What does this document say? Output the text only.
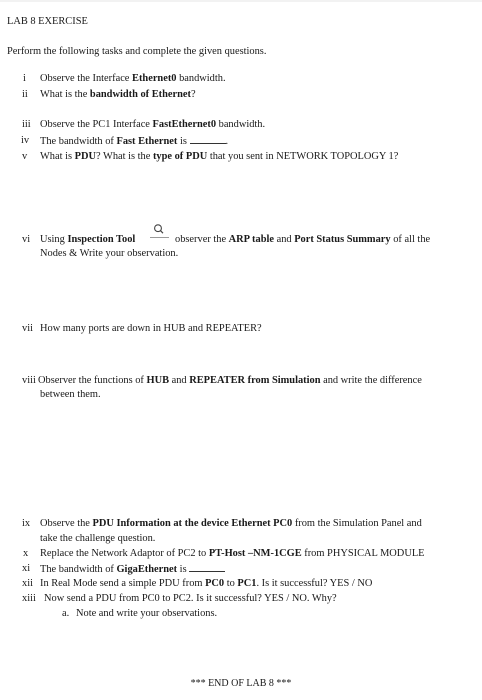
LAB 8 EXERCISE
Perform the following tasks and complete the given questions.
i Observe the Interface Ethernet0 bandwidth.
ii What is the bandwidth of Ethernet?
iii Observe the PC1 Interface FastEthernet0 bandwidth.
iv The bandwidth of Fast Ethernet is	.
v What is PDU? What is the type of PDU that you sent in NETWORK TOPOLOGY 1?
vi Using Inspection Tool	observer the ARP table and Port Status Summary of all the
Nodes & Write your observation.
vii How many ports are down in HUB and REPEATER?
viii Observer the functions of HUB and REPEATER from Simulation and write the difference
between them.
ix Observe the PDU Information at the device Ethernet PC0 from the Simulation Panel and
take the challenge question.
x Replace the Network Adaptor of PC2 to PT-Host –NM-1CGE from PHYSICAL MODULE
xi The bandwidth of GigaEthernet is
xii In Real Mode send a simple PDU from PC0 to PC1. Is it successful? YES / NO
xiii Now send a PDU from PC0 to PC2. Is it successful? YES / NO. Why?
a. Note and write your observations.
*** END OF LAB 8 ***
